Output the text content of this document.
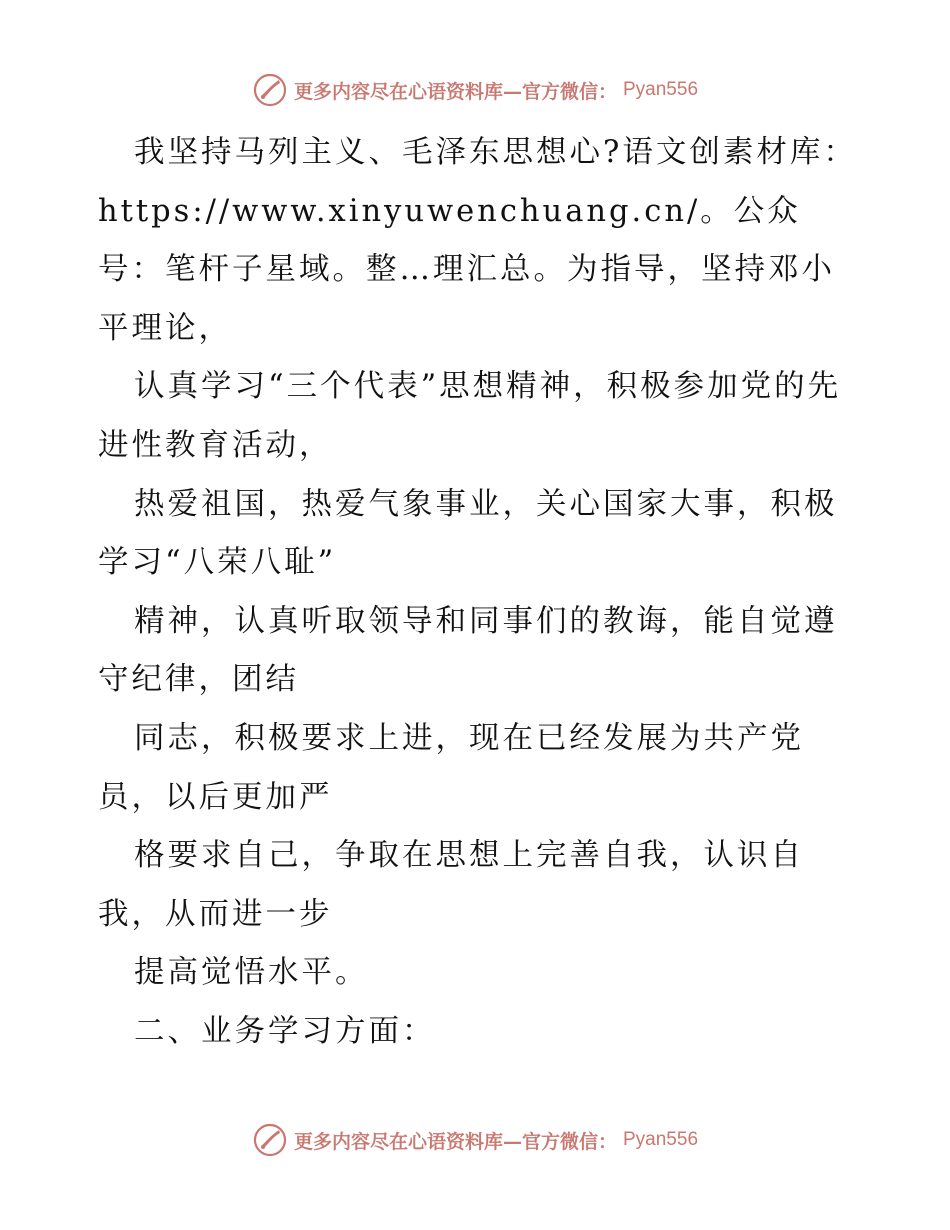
更多内容尽在心语资料库—官方微信： Pyan556

我坚持马列主义、毛泽东思想心?语文创素材库：https://www.xinyuwenchuang.cn/。公众号：笔杆子星域。整…理汇总。为指导，坚持邓小平理论，

认真学习“三个代表”思想精神，积极参加党的先进性教育活动，

热爱祖国，热爱气象事业，关心国家大事，积极学习“八荣八耻”

精神，认真听取领导和同事们的教诲，能自觉遵守纪律，团结

同志，积极要求上进，现在已经发展为共产党员，以后更加严

格要求自己，争取在思想上完善自我，认识自我，从而进一步

提高觉悟水平。

二、业务学习方面：

更多内容尽在心语资料库—官方微信： Pyan556
